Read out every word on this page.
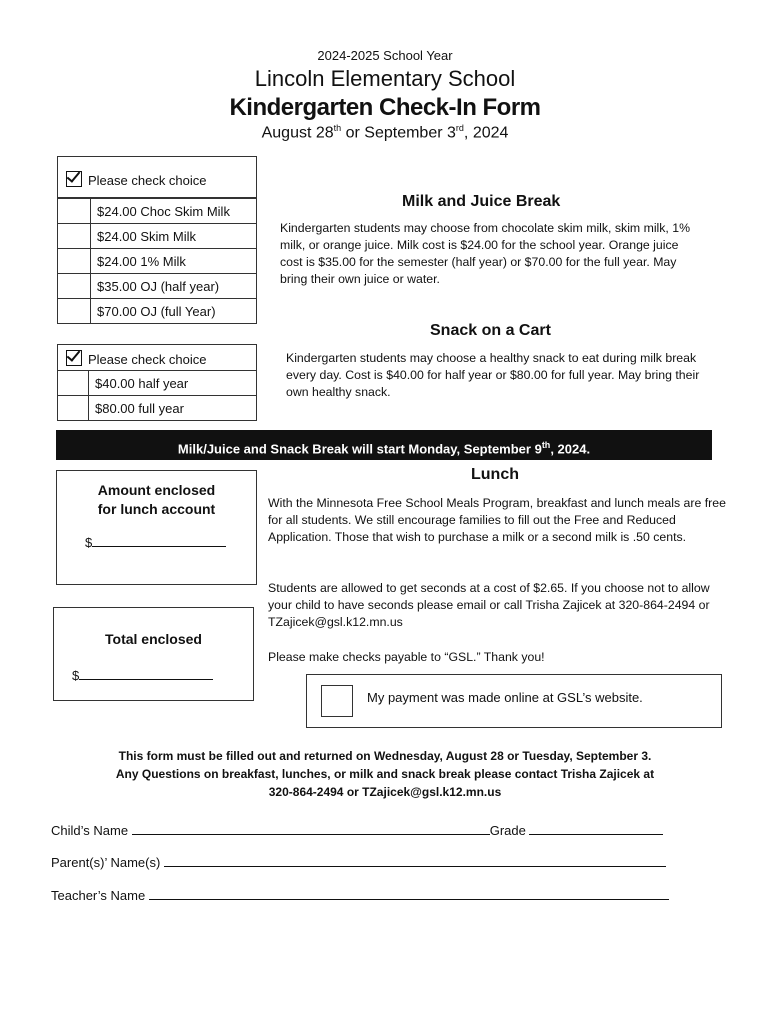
2024-2025 School Year
Lincoln Elementary School
Kindergarten Check-In Form
August 28th or September 3rd, 2024
Please check choice
	$24.00 Choc Skim Milk
	$24.00 Skim Milk
	$24.00 1% Milk
	$35.00 OJ (half year)
	$70.00 OJ (full Year)
Milk and Juice Break
Kindergarten students may choose from chocolate skim milk, skim milk, 1% milk, or orange juice. Milk cost is $24.00 for the school year. Orange juice cost is $35.00 for the semester (half year) or $70.00 for the full year. May bring their own juice or water.
Please check choice
	$40.00 half year
	$80.00 full year
Snack on a Cart
Kindergarten students may choose a healthy snack to eat during milk break every day. Cost is $40.00 for half year or $80.00 for full year. May bring their own healthy snack.
Milk/Juice and Snack Break will start Monday, September 9th, 2024.
Amount enclosed
for lunch account
$
Total enclosed
$
Lunch
With the Minnesota Free School Meals Program, breakfast and lunch meals are free for all students. We still encourage families to fill out the Free and Reduced Application. Those that wish to purchase a milk or a second milk is .50 cents.
Students are allowed to get seconds at a cost of $2.65. If you choose not to allow your child to have seconds please email or call Trisha Zajicek at 320-864-2494 or TZajicek@gsl.k12.mn.us
Please make checks payable to “GSL.” Thank you!
My payment was made online at GSL’s website.
This form must be filled out and returned on Wednesday, August 28 or Tuesday, September 3.
Any Questions on breakfast, lunches, or milk and snack break please contact Trisha Zajicek at
320-864-2494 or TZajicek@gsl.k12.mn.us
Child’s Name	Grade
Parent(s)’ Name(s)
Teacher’s Name
